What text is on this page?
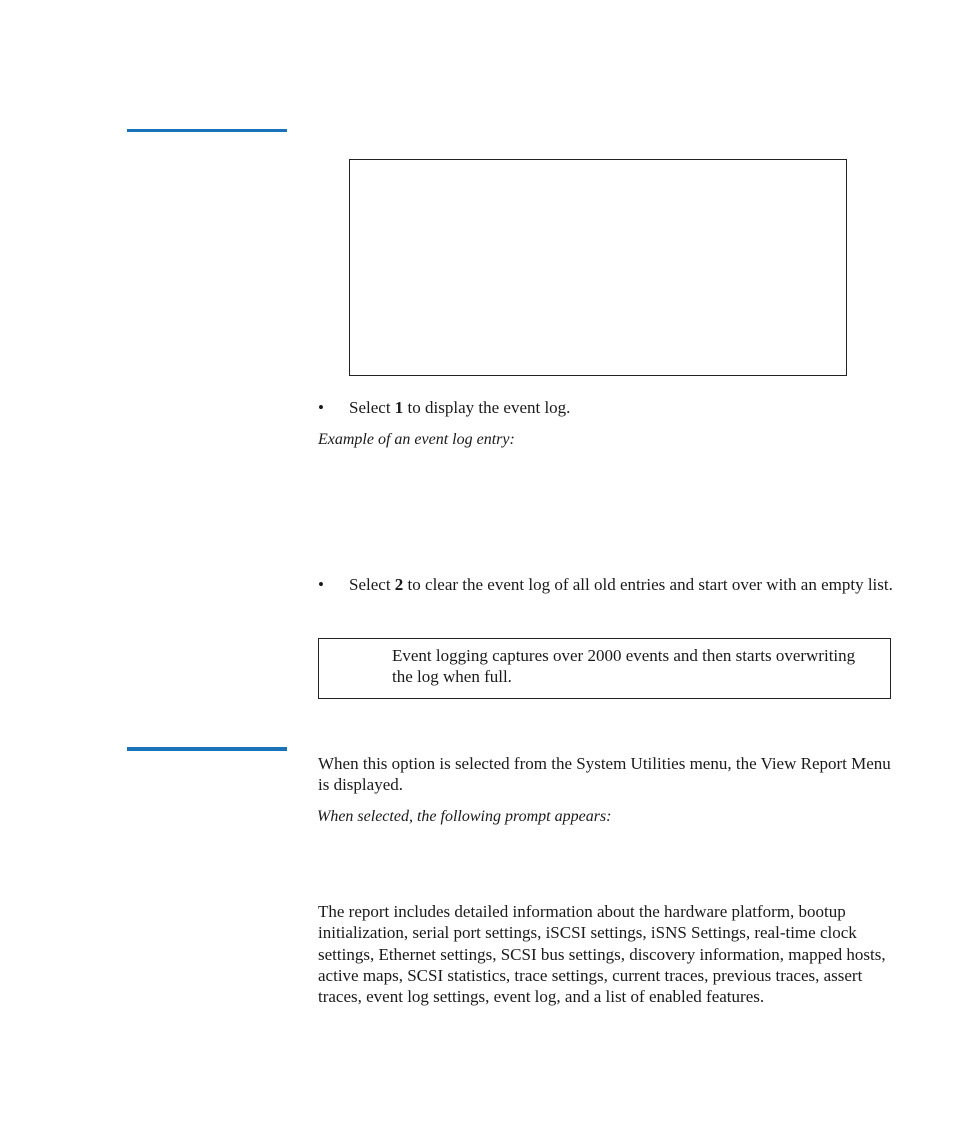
• Select 1 to display the event log.
Example of an event log entry:
• Select 2 to clear the event log of all old entries and start over with an empty list.
Event logging captures over 2000 events and then starts overwriting the log when full.
When this option is selected from the System Utilities menu, the View Report Menu is displayed.
When selected, the following prompt appears:
The report includes detailed information about the hardware platform, bootup initialization, serial port settings, iSCSI settings, iSNS Settings, real-time clock settings, Ethernet settings, SCSI bus settings, discovery information, mapped hosts, active maps, SCSI statistics, trace settings, current traces, previous traces, assert traces, event log settings, event log, and a list of enabled features.
